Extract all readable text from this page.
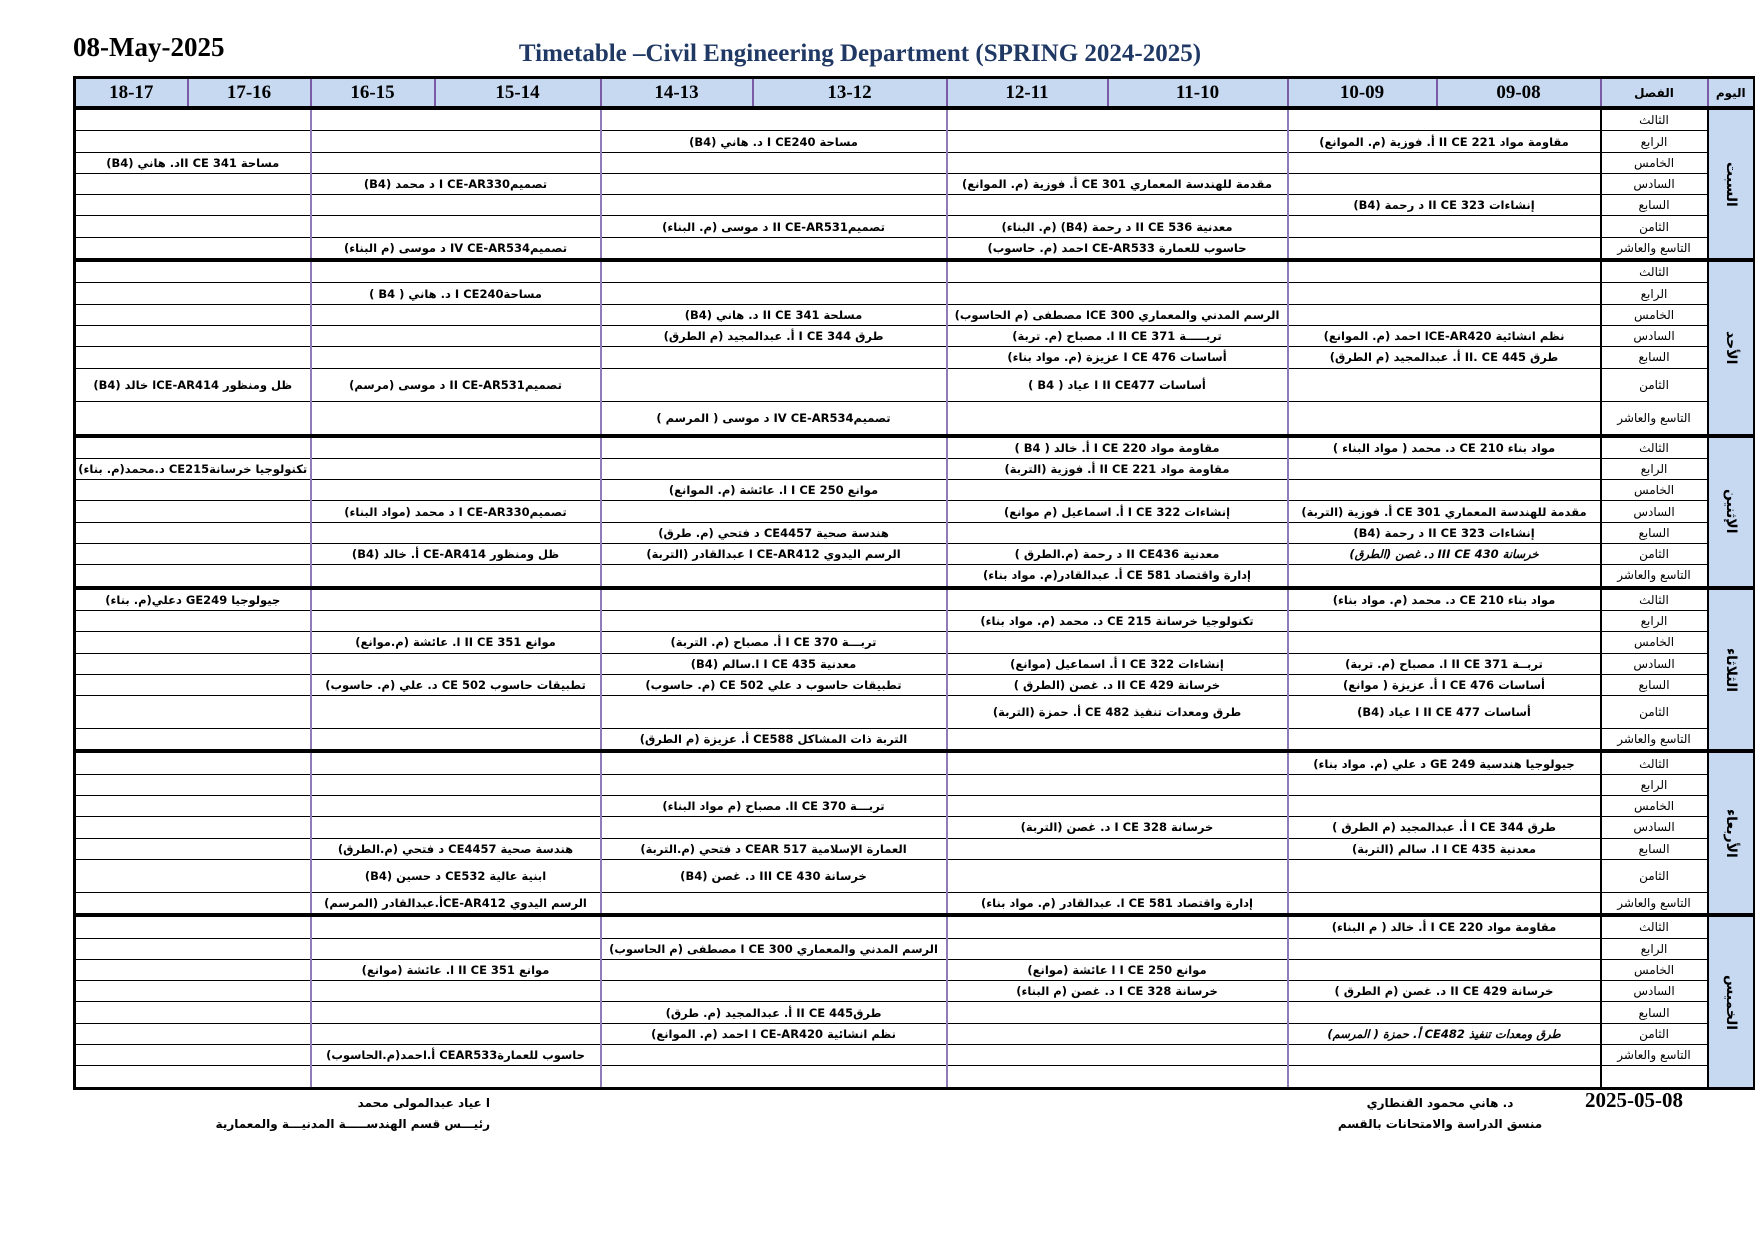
08-May-2025	Timetable –Civil Engineering Department (SPRING 2024-2025)
18-17	17-16	16-15	15-14	14-13	13-12	12-11	11-10	10-09	09-08	الفصل	اليوم
										الثالث	السبت
				مساحة I CE240 د. هاني (B4)				مقاومة مواد II CE 221 أ. فوزية (م. الموانع)		الرابع	
مساحة II CE 341د. هاني (B4)										الخامس	
		تصميمI CE-AR330 د محمد (B4)				مقدمة للهندسة المعماري CE 301 أ. فوزية (م. الموانع)				السادس	
								إنشاءات II CE 323 د رحمة (B4)		السابع	
				تصميمII CE-AR531 د موسى (م. البناء)		معدنية II CE 536 د رحمة (B4) (م. البناء)				الثامن	
		تصميمIV CE-AR534 د موسى (م البناء)				حاسوب للعمارة CE-AR533 احمد (م. حاسوب)				التاسع والعاشر	
										الثالث	الأحد
		مساحةI CE240 د. هاني ( B4 )								الرابع	
				مسلحة II CE 341 د. هاني (B4)		الرسم المدني والمعماري CE 300ا مصطفى (م الحاسوب)				الخامس	
				طرق I CE 344 أ. عبدالمجيد (م الطرق)		تربـــــة II CE 371 ا. مصباح (م. تربة)		نظم انشائية CE-AR420ا احمد (م. الموانع)		السادس	
						أساسات I CE 476 عزيزة (م. مواد بناء)		طرق II. CE 445 أ. عبدالمجيد (م الطرق)		السابع	
ظل ومنظور CE-AR414ا خالد (B4)		تصميمII CE-AR531 د موسى (مرسم)				أساسات II CE477 ا عياد ( B4 )				الثامن	
				تصميمIV CE-AR534 د موسى ( المرسم )						التاسع والعاشر	
						مقاومة مواد I CE 220 أ. خالد ( B4 )		مواد بناء CE 210 د. محمد ( مواد البناء )		الثالث	الإثنين
تكنولوجيا خرسانةCE215 د.محمد(م. بناء)						مقاومة مواد II CE 221 أ. فوزية (التربة)				الرابع	
				موانع I CE 250 ا. عائشة (م. الموانع)						الخامس	
		تصميمI CE-AR330 د محمد (مواد البناء)				إنشاءات I CE 322 أ. اسماعيل (م موانع)		مقدمة للهندسة المعماري CE 301 أ. فوزية (التربة)		السادس	
				هندسة صحية CE4457 د فتحي (م. طرق)				إنشاءات II CE 323 د رحمة (B4)		السابع	
		ظل ومنظور CE-AR414 أ. خالد (B4)		الرسم اليدوي CE-AR412 ا عبدالقادر (التربة)		معدنية II CE436 د رحمة (م.الطرق )		خرسانة III CE 430 د. غصن (الطرق)		الثامن	
						إدارة واقتصاد CE 581 أ. عبدالقادر(م. مواد بناء)				التاسع والعاشر	
جيولوجيا GE249 دعلي(م. بناء)								مواد بناء CE 210 د. محمد (م. مواد بناء)		الثالث	الثلاثاء
						تكنولوجيا خرسانة CE 215 د. محمد (م. مواد بناء)				الرابع	
		موانع II CE 351 ا. عائشة (م.موانع)		تربـــة I CE 370 أ. مصباح (م. التربة)						الخامس	
				معدنية I CE 435 ا.سالم (B4)		إنشاءات I CE 322 أ. اسماعيل (موانع)		تربــة II CE 371 ا. مصباح (م. تربة)		السادس	
		تطبيقات حاسوب CE 502 د. علي (م. حاسوب)		تطبيقات حاسوب د علي CE 502 (م. حاسوب)		خرسانة II CE 429 د. غصن (الطرق )		أساسات I CE 476 أ. عزيزة ( موانع)		السابع	
						طرق ومعدات تنفيذ CE 482 أ. حمزة (التربة)		أساسات II CE 477 ا عياد (B4)		الثامن	
				التربة ذات المشاكل CE588 أ. عزيزة (م الطرق)						التاسع والعاشر	
								جيولوجيا هندسية GE 249 د علي (م. مواد بناء)		الثالث	الأربعاء
										الرابع	
				تربـــة I CE 370ا. مصباح (م مواد البناء)						الخامس	
						خرسانة I CE 328 د. غصن (التربة)		طرق I CE 344 أ. عبدالمجيد (م الطرق )		السادس	
		هندسة صحية CE4457 د فتحي (م.الطرق)		العمارة الإسلامية CEAR 517 د فتحي (م.التربة)				معدنية I CE 435 ا. سالم (التربة)		السابع	
		ابنية عالية CE532 د حسين (B4)		خرسانة III CE 430 د. غصن (B4)						الثامن	
		الرسم اليدوي CE-AR412أ.عبدالقادر (المرسم)				إدارة واقتصاد CE 581 ا. عبدالقادر (م. مواد بناء)				التاسع والعاشر	
								مقاومة مواد I CE 220 أ. خالد ( م البناء)		الثالث	الخميس
				الرسم المدني والمعماري CE 300 ا مصطفى (م الحاسوب)						الرابع	
		موانع II CE 351 ا. عائشة (موانع)				موانع I CE 250 ا عائشة (موانع)				الخامس	
						خرسانة I CE 328 د. غصن (م البناء)		خرسانة II CE 429 د. غصن (م الطرق )		السادس	
				طرقII CE 445 أ. عبدالمجيد (م. طرق)						السابع	
				نظم انشائية CE-AR420 ا احمد (م. الموانع)				طرق ومعدات تنفيذ CE482 أ. حمزة ( المرسم)		الثامن	
		حاسوب للعمارةCEAR533 أ.احمد(م.الحاسوب)								التاسع والعاشر	

ا عياد عبدالمولى محمد
رئيـــس قسم الهندســـــة المدنيـــة والمعمارية
د. هاني محمود القنطاري
منسق الدراسة والامتحانات بالقسم
2025-05-08
